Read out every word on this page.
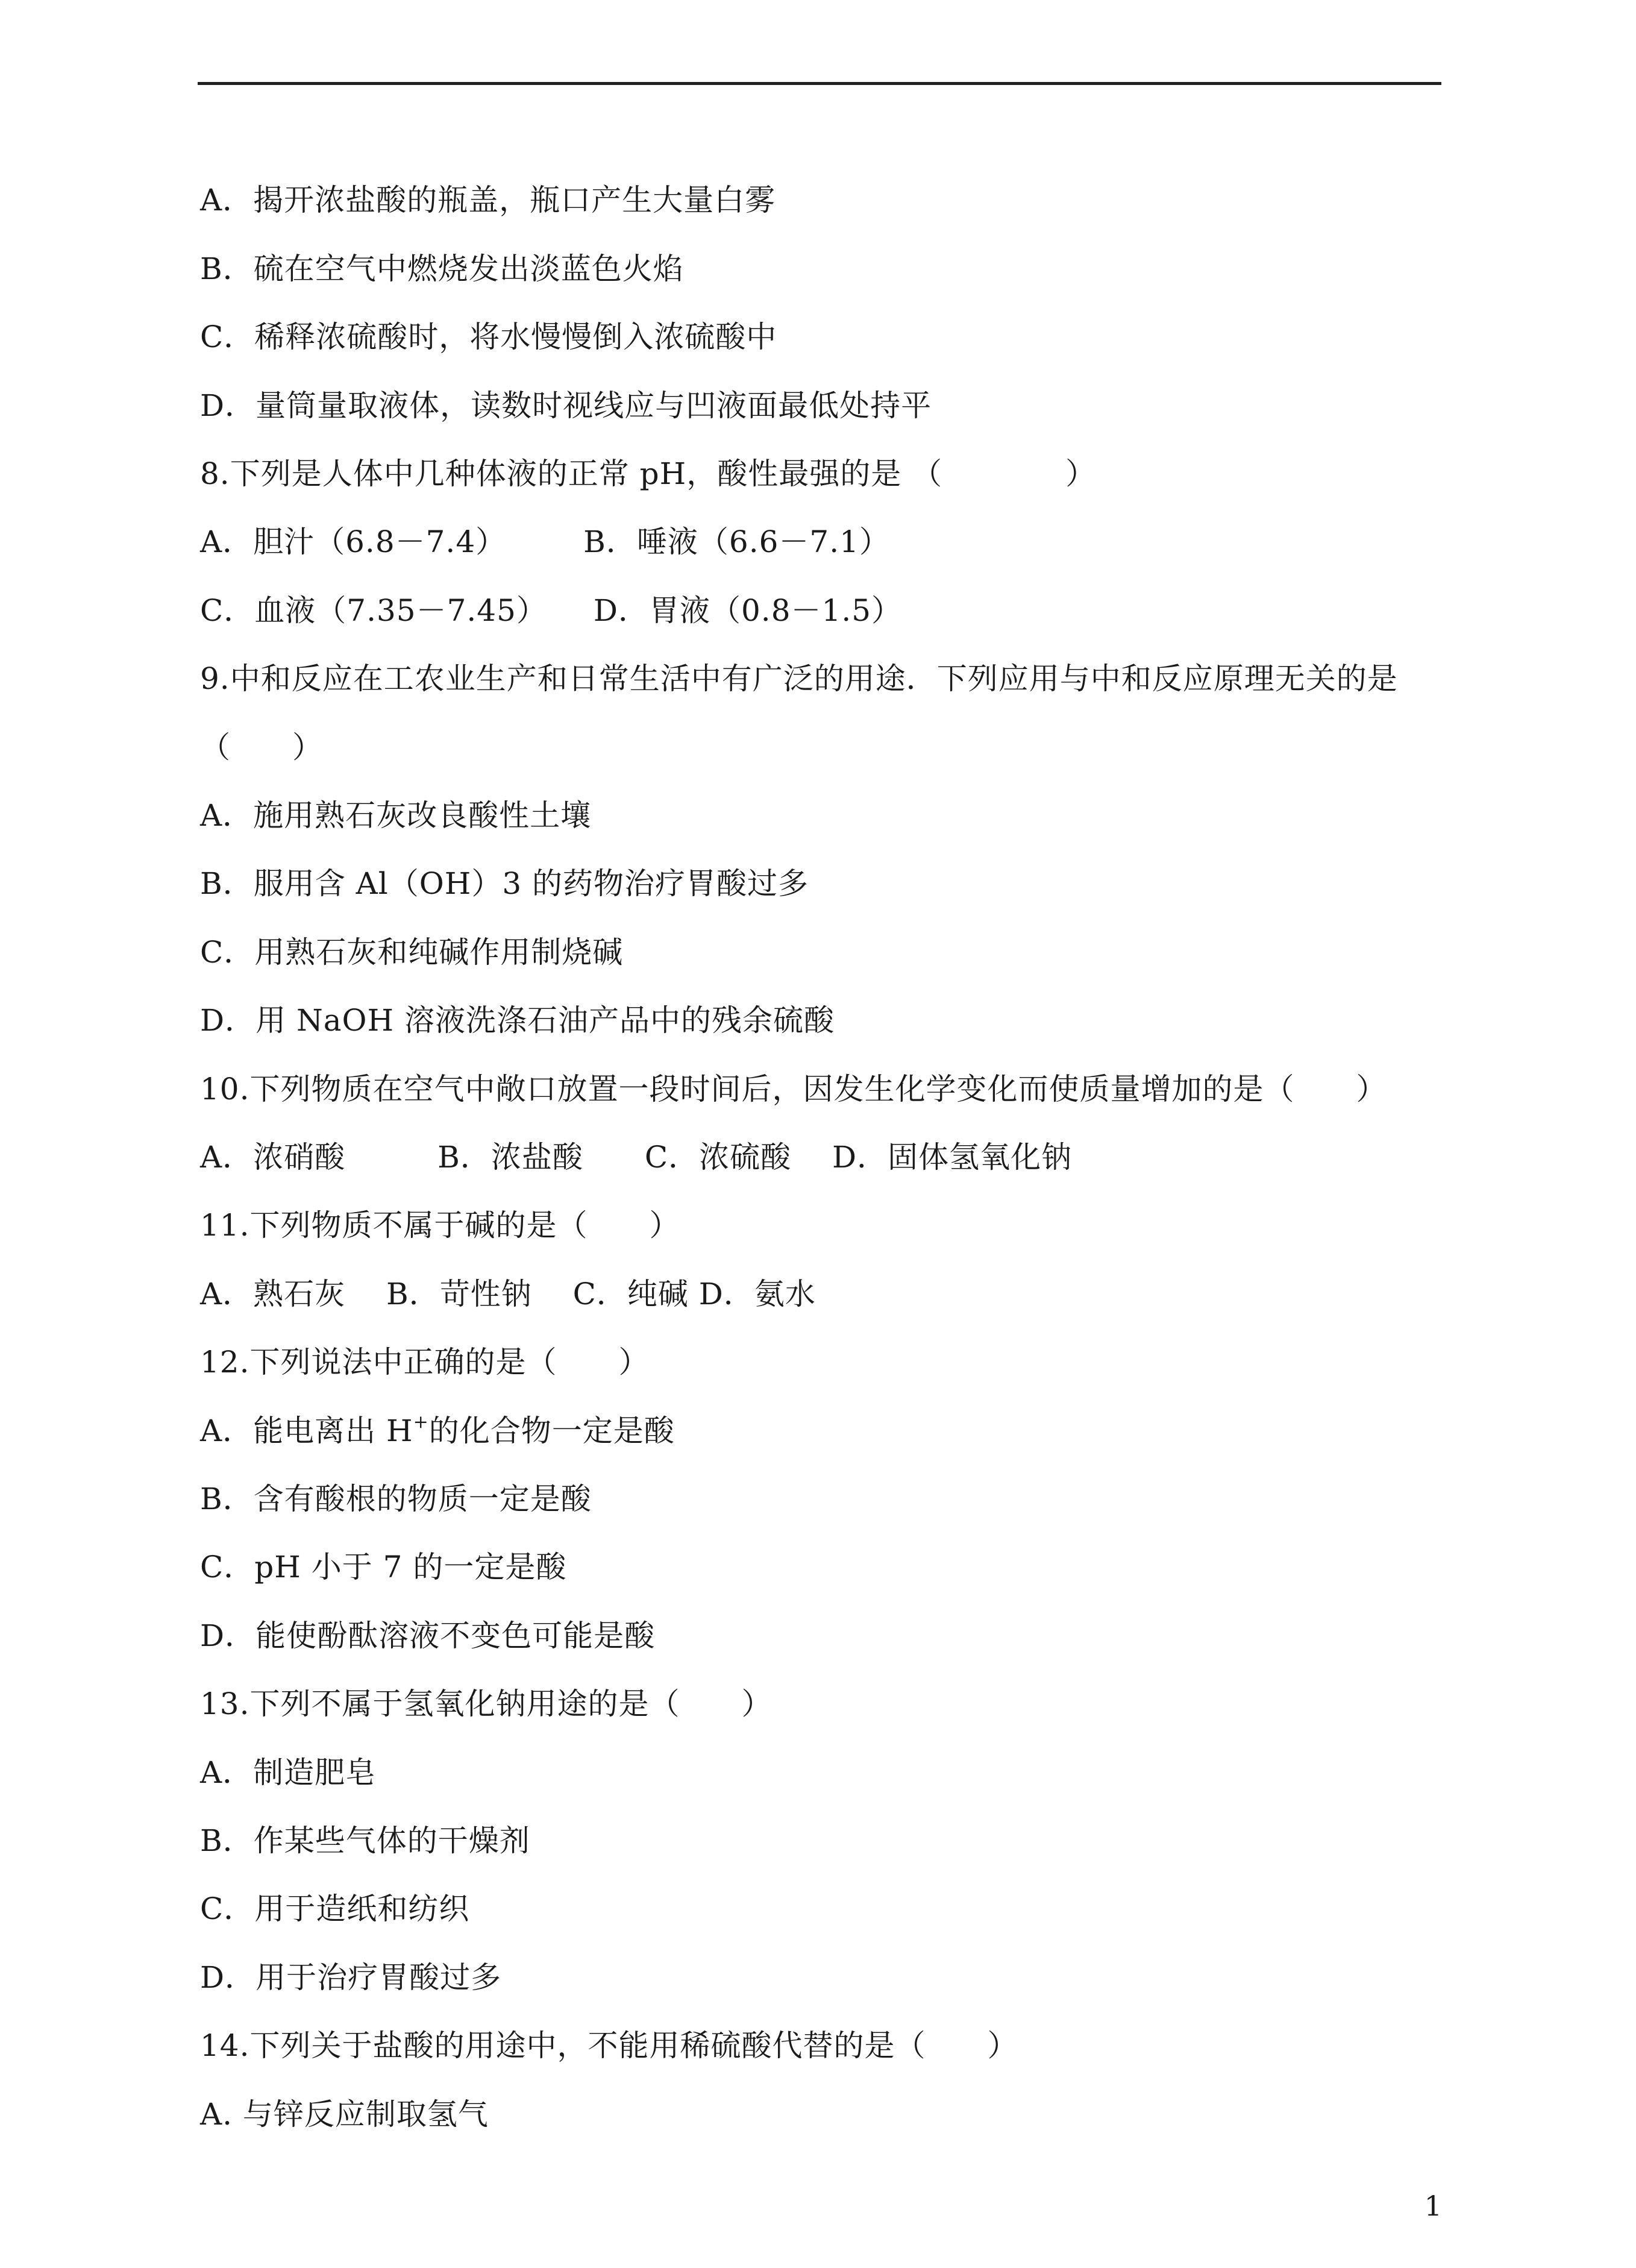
A．揭开浓盐酸的瓶盖，瓶口产生大量白雾
B．硫在空气中燃烧发出淡蓝色火焰
C．稀释浓硫酸时，将水慢慢倒入浓硫酸中
D．量筒量取液体，读数时视线应与凹液面最低处持平
8.下列是人体中几种体液的正常 pH，酸性最强的是 （　　　　）
A．胆汁（6.8－7.4）　　　B．唾液（6.6－7.1）
C．血液（7.35－7.45）　　D．胃液（0.8－1.5）
9.中和反应在工农业生产和日常生活中有广泛的用途．下列应用与中和反应原理无关的是
（　　）
A．施用熟石灰改良酸性土壤
B．服用含 Al（OH）3 的药物治疗胃酸过多
C．用熟石灰和纯碱作用制烧碱
D．用 NaOH 溶液洗涤石油产品中的残余硫酸
10.下列物质在空气中敞口放置一段时间后，因发生化学变化而使质量增加的是（　　）
A．浓硝酸　　　B．浓盐酸　　C．浓硫酸　 D．固体氢氧化钠
11.下列物质不属于碱的是（　　）
A．熟石灰　 B．苛性钠　 C．纯碱 D．氨水
12.下列说法中正确的是（　　）
A．能电离出 H+的化合物一定是酸
B．含有酸根的物质一定是酸
C．pH 小于 7 的一定是酸
D．能使酚酞溶液不变色可能是酸
13.下列不属于氢氧化钠用途的是（　　）
A．制造肥皂
B．作某些气体的干燥剂
C．用于造纸和纺织
D．用于治疗胃酸过多
14.下列关于盐酸的用途中，不能用稀硫酸代替的是（　　）
A. 与锌反应制取氢气
1
